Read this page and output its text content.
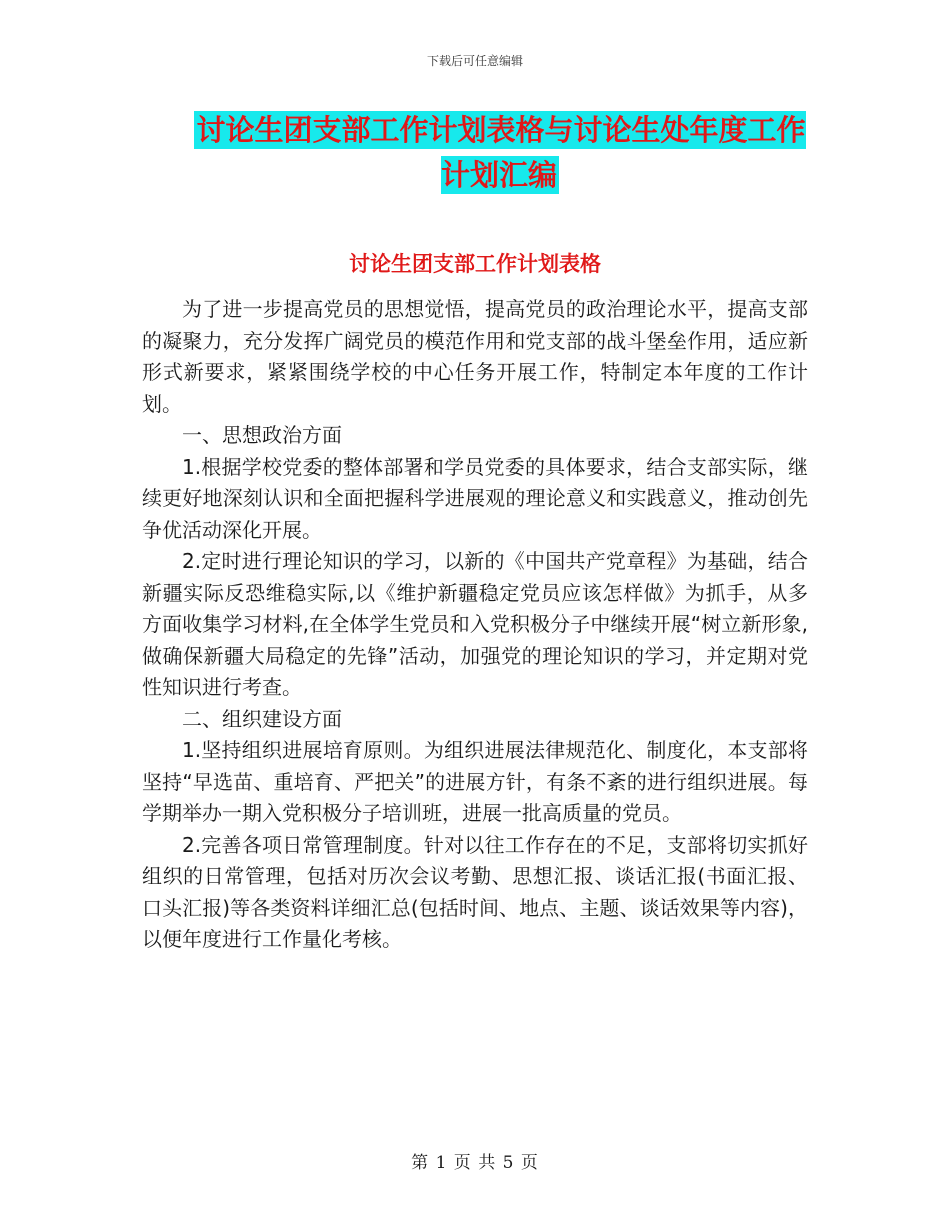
下载后可任意编辑
讨论生团支部工作计划表格与讨论生处年度工作计划汇编
讨论生团支部工作计划表格

为了进一步提高党员的思想觉悟，提高党员的政治理论水平，提高支部的凝聚力，充分发挥广阔党员的模范作用和党支部的战斗堡垒作用，适应新形式新要求，紧紧围绕学校的中心任务开展工作，特制定本年度的工作计划。

一、思想政治方面

1.根据学校党委的整体部署和学员党委的具体要求，结合支部实际，继续更好地深刻认识和全面把握科学进展观的理论意义和实践意义，推动创先争优活动深化开展。

2.定时进行理论知识的学习，以新的《中国共产党章程》为基础，结合新疆实际反恐维稳实际,以《维护新疆稳定党员应该怎样做》为抓手，从多方面收集学习材料,在全体学生党员和入党积极分子中继续开展“树立新形象,做确保新疆大局稳定的先锋”活动，加强党的理论知识的学习，并定期对党性知识进行考查。

二、组织建设方面

1.坚持组织进展培育原则。为组织进展法律规范化、制度化，本支部将坚持“早选苗、重培育、严把关”的进展方针，有条不紊的进行组织进展。每学期举办一期入党积极分子培训班，进展一批高质量的党员。

2.完善各项日常管理制度。针对以往工作存在的不足，支部将切实抓好组织的日常管理，包括对历次会议考勤、思想汇报、谈话汇报(书面汇报、口头汇报)等各类资料详细汇总(包括时间、地点、主题、谈话效果等内容)，以便年度进行工作量化考核。

第 1 页 共 5 页
